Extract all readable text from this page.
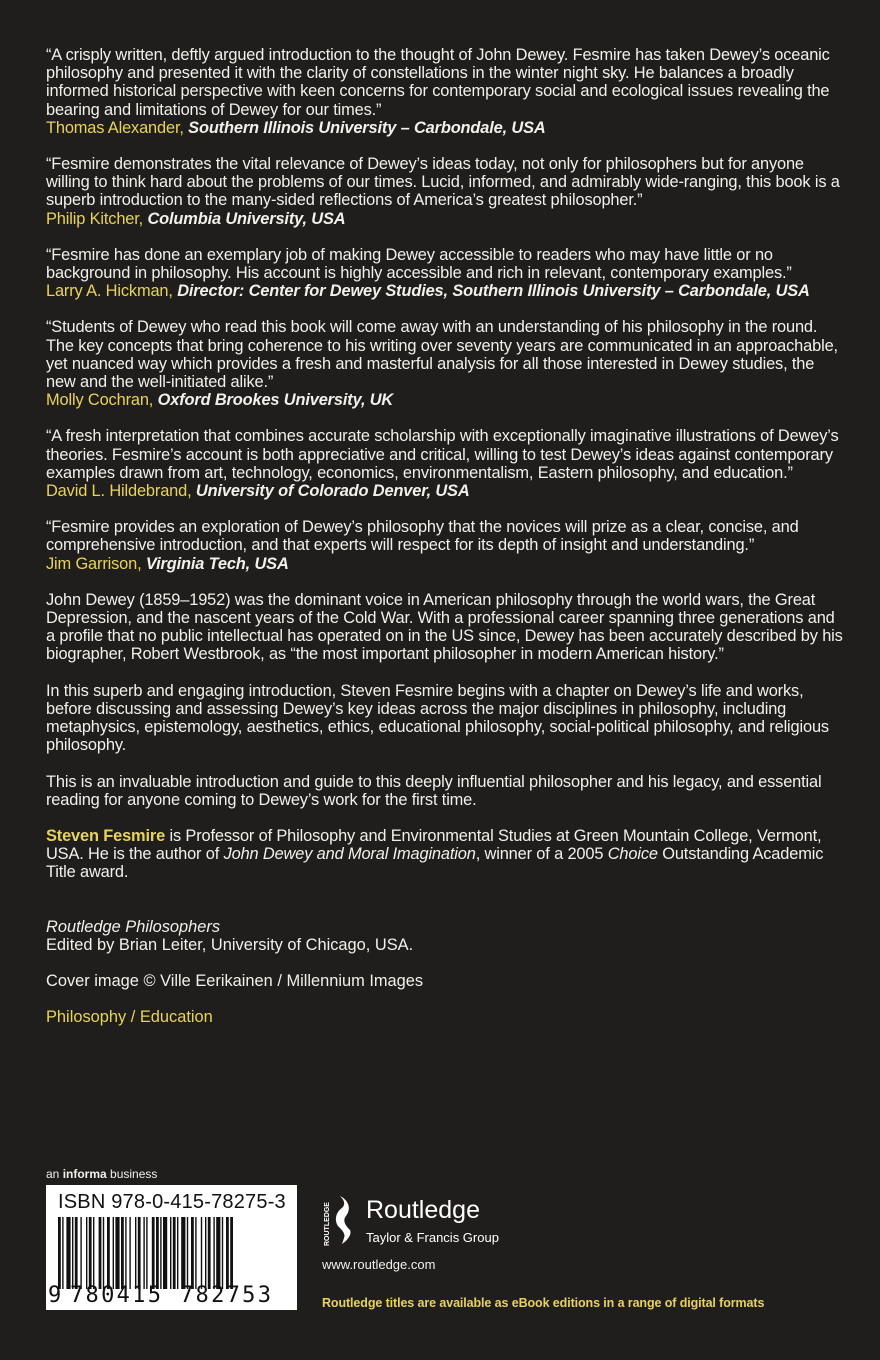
“A crisply written, deftly argued introduction to the thought of John Dewey. Fesmire has taken Dewey’s oceanic philosophy and presented it with the clarity of constellations in the winter night sky. He balances a broadly informed historical perspective with keen concerns for contemporary social and ecological issues revealing the bearing and limitations of Dewey for our times.”

Thomas Alexander, Southern Illinois University – Carbondale, USA

“Fesmire demonstrates the vital relevance of Dewey’s ideas today, not only for philosophers but for anyone willing to think hard about the problems of our times. Lucid, informed, and admirably wide-ranging, this book is a superb introduction to the many-sided reflections of America’s greatest philosopher.”

Philip Kitcher, Columbia University, USA

“Fesmire has done an exemplary job of making Dewey accessible to readers who may have little or no background in philosophy. His account is highly accessible and rich in relevant, contemporary examples.”

Larry A. Hickman, Director: Center for Dewey Studies, Southern Illinois University – Carbondale, USA

“Students of Dewey who read this book will come away with an understanding of his philosophy in the round. The key concepts that bring coherence to his writing over seventy years are communicated in an approachable, yet nuanced way which provides a fresh and masterful analysis for all those interested in Dewey studies, the new and the well-initiated alike.”

Molly Cochran, Oxford Brookes University, UK

“A fresh interpretation that combines accurate scholarship with exceptionally imaginative illustrations of Dewey’s theories. Fesmire’s account is both appreciative and critical, willing to test Dewey’s ideas against contemporary examples drawn from art, technology, economics, environmentalism, Eastern philosophy, and education.”

David L. Hildebrand, University of Colorado Denver, USA

“Fesmire provides an exploration of Dewey’s philosophy that the novices will prize as a clear, concise, and comprehensive introduction, and that experts will respect for its depth of insight and understanding.”

Jim Garrison, Virginia Tech, USA

John Dewey (1859–1952) was the dominant voice in American philosophy through the world wars, the Great Depression, and the nascent years of the Cold War. With a professional career spanning three generations and a profile that no public intellectual has operated on in the US since, Dewey has been accurately described by his biographer, Robert Westbrook, as “the most important philosopher in modern American history.”

In this superb and engaging introduction, Steven Fesmire begins with a chapter on Dewey’s life and works, before discussing and assessing Dewey’s key ideas across the major disciplines in philosophy, including metaphysics, epistemology, aesthetics, ethics, educational philosophy, social-political philosophy, and religious philosophy.

This is an invaluable introduction and guide to this deeply influential philosopher and his legacy, and essential reading for anyone coming to Dewey’s work for the first time.

Steven Fesmire is Professor of Philosophy and Environmental Studies at Green Mountain College, Vermont, USA. He is the author of John Dewey and Moral Imagination, winner of a 2005 Choice Outstanding Academic Title award.

Routledge Philosophers

Edited by Brian Leiter, University of Chicago, USA.

Cover image © Ville Eerikainen / Millennium Images

Philosophy / Education

an informa business
ISBN 978-0-415-78275-3
9 780415 782753
ROUTLEDGE Routledge
Taylor & Francis Group
www.routledge.com
Routledge titles are available as eBook editions in a range of digital formats
